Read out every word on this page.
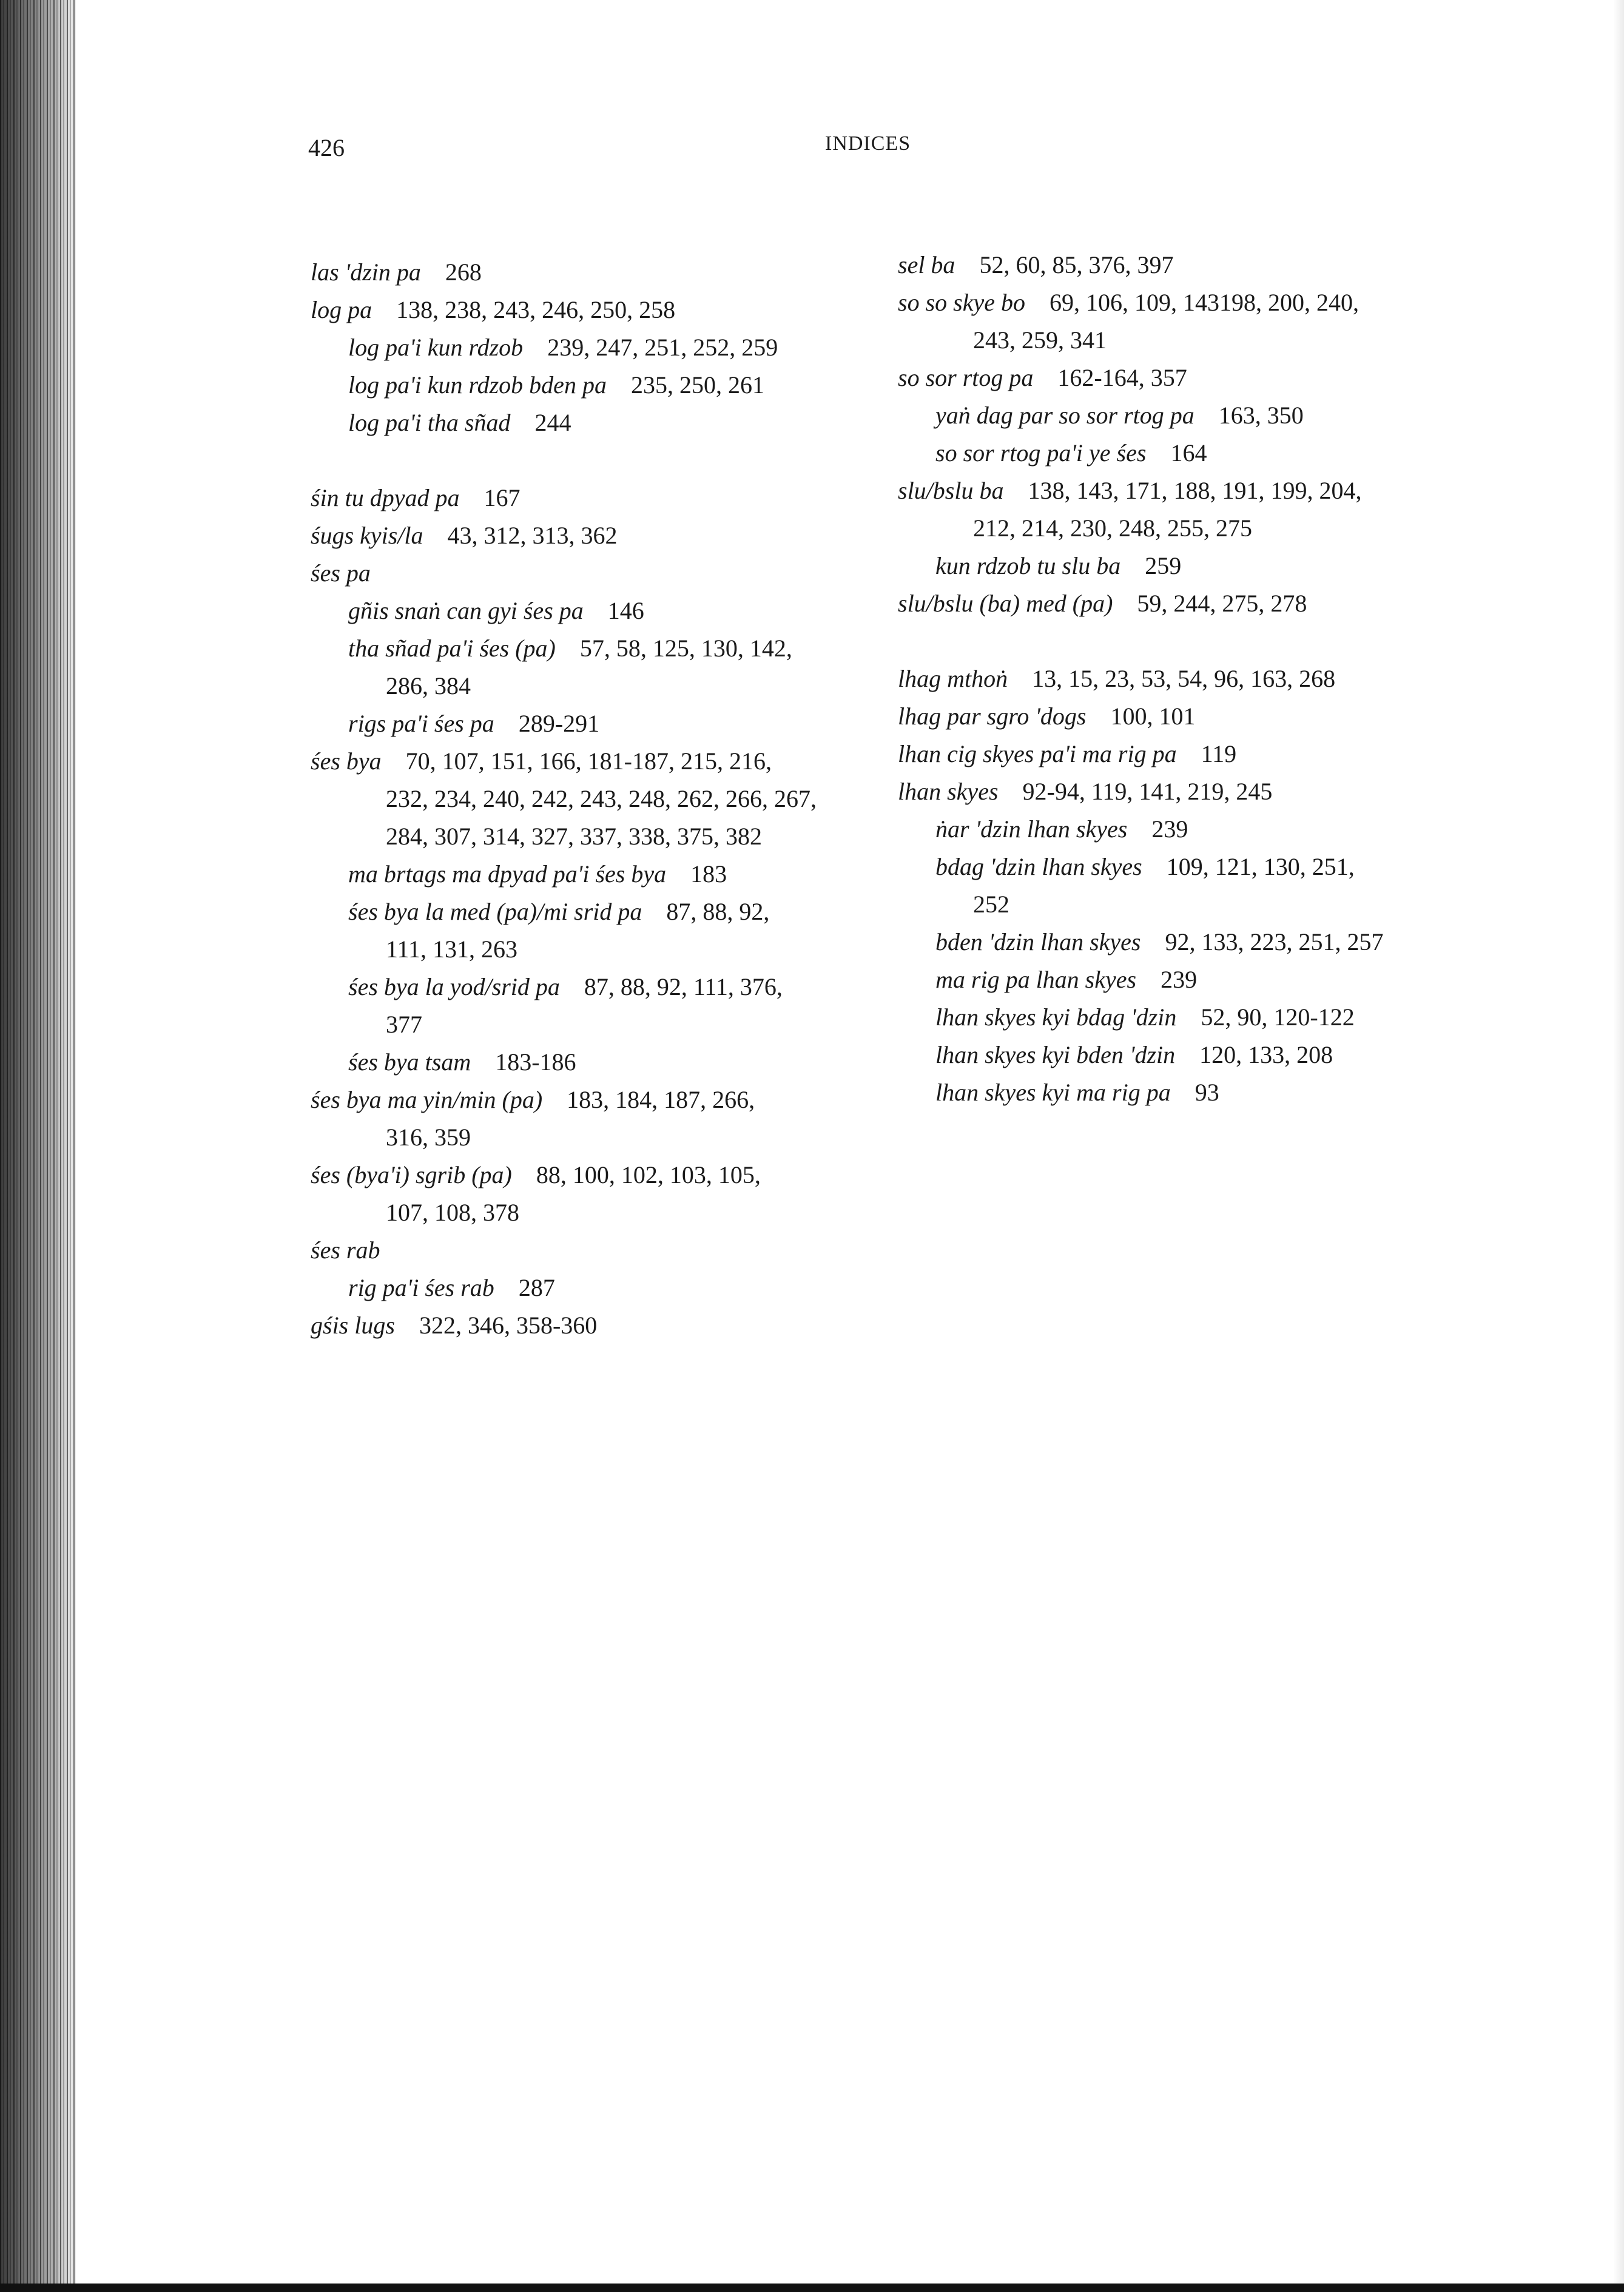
426	INDICES
las 'dzin pa 268
log pa 138, 238, 243, 246, 250, 258
log pa'i kun rdzob 239, 247, 251, 252, 259
log pa'i kun rdzob bden pa 235, 250, 261
log pa'i tha sñad 244
śin tu dpyad pa 167
śugs kyis/la 43, 312, 313, 362
śes pa
gñis snaṅ can gyi śes pa 146
tha sñad pa'i śes (pa) 57, 58, 125, 130, 142,
286, 384
rigs pa'i śes pa 289-291
śes bya 70, 107, 151, 166, 181-187, 215, 216,
232, 234, 240, 242, 243, 248, 262, 266, 267,
284, 307, 314, 327, 337, 338, 375, 382
ma brtags ma dpyad pa'i śes bya 183
śes bya la med (pa)/mi srid pa 87, 88, 92,
111, 131, 263
śes bya la yod/srid pa 87, 88, 92, 111, 376,
377
śes bya tsam 183-186
śes bya ma yin/min (pa) 183, 184, 187, 266,
316, 359
śes (bya'i) sgrib (pa) 88, 100, 102, 103, 105,
107, 108, 378
śes rab
rig pa'i śes rab 287
gśis lugs 322, 346, 358-360
sel ba 52, 60, 85, 376, 397
so so skye bo 69, 106, 109, 143198, 200, 240,
243, 259, 341
so sor rtog pa 162-164, 357
yaṅ dag par so sor rtog pa 163, 350
so sor rtog pa'i ye śes 164
slu/bslu ba 138, 143, 171, 188, 191, 199, 204,
212, 214, 230, 248, 255, 275
kun rdzob tu slu ba 259
slu/bslu (ba) med (pa) 59, 244, 275, 278
lhag mthoṅ 13, 15, 23, 53, 54, 96, 163, 268
lhag par sgro 'dogs 100, 101
lhan cig skyes pa'i ma rig pa 119
lhan skyes 92-94, 119, 141, 219, 245
ṅar 'dzin lhan skyes 239
bdag 'dzin lhan skyes 109, 121, 130, 251,
252
bden 'dzin lhan skyes 92, 133, 223, 251, 257
ma rig pa lhan skyes 239
lhan skyes kyi bdag 'dzin 52, 90, 120-122
lhan skyes kyi bden 'dzin 120, 133, 208
lhan skyes kyi ma rig pa 93
